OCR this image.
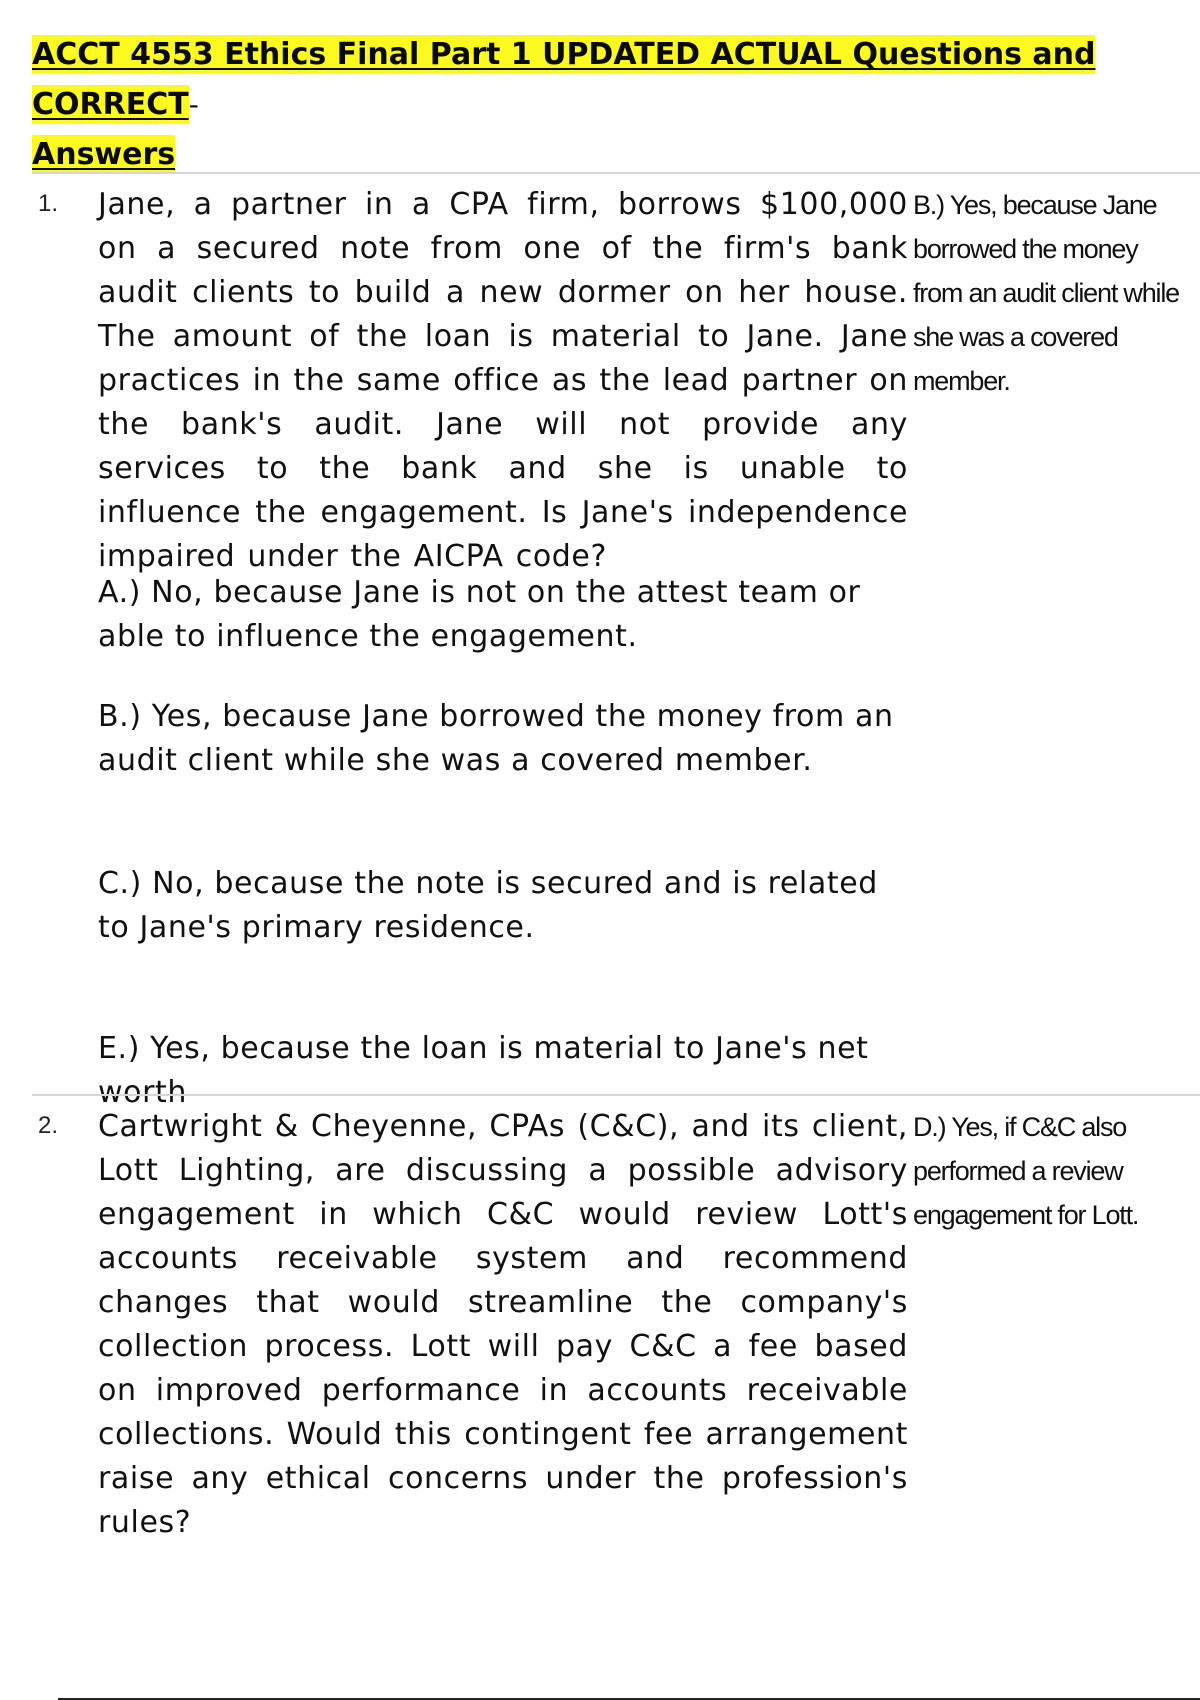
ACCT 4553 Ethics Final Part 1 UPDATED ACTUAL Questions and CORRECT-
Answers
1. Jane, a partner in a CPA firm, borrows $100,000 on a secured note from one of the firm's bank audit clients to build a new dormer on her house. The amount of the loan is material to Jane. Jane practices in the same office as the lead partner on the bank's audit. Jane will not provide any services to the bank and she is unable to influence the engagement. Is Jane's independence impaired under the AICPA code?
B.) Yes, because Jane borrowed the money from an audit client while she was a covered member.
A.) No, because Jane is not on the attest team or able to influence the engagement.
B.) Yes, because Jane borrowed the money from an audit client while she was a covered member.
C.) No, because the note is secured and is related to Jane's primary residence.
E.) Yes, because the loan is material to Jane's net worth
2. Cartwright & Cheyenne, CPAs (C&C), and its client, Lott Lighting, are discussing a possible advisory engagement in which C&C would review Lott's accounts receivable system and recommend changes that would streamline the company's collection process. Lott will pay C&C a fee based on improved performance in accounts receivable collections. Would this contingent fee arrangement raise any ethical concerns under the profession's rules?
D.) Yes, if C&C also performed a review engagement for Lott.
